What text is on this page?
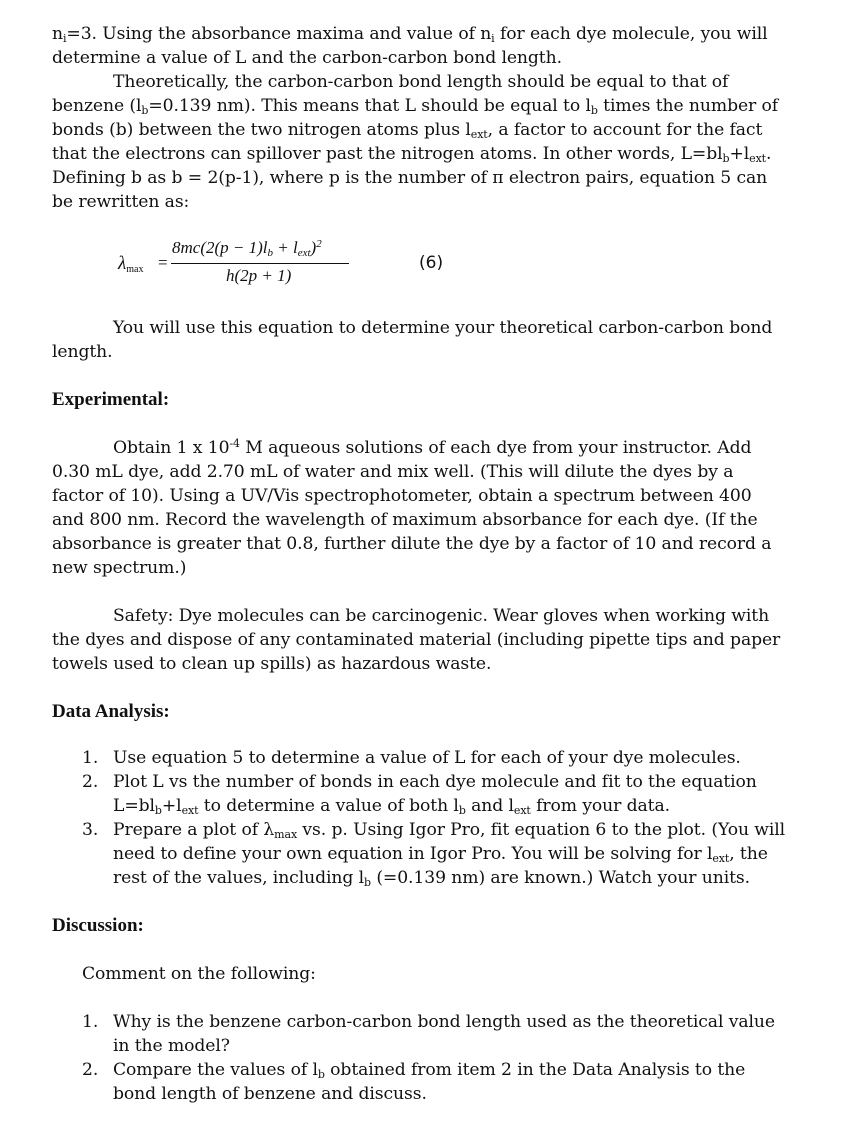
$n_i=3$. Using the absorbance maxima and value of $n_i$ for each dye molecule, you will
determine a value of L and the carbon-carbon bond length.
Theoretically, the carbon-carbon bond length should be equal to that of
benzene ($l_b=0.139$ nm). This means that L should be equal to $l_b$ times the number of
bonds (b) between the two nitrogen atoms plus $l_{ext}$, a factor to account for the fact
that the electrons can spillover past the nitrogen atoms. In other words, $L=bl_b+l_{ext}$.
Defining b as b = 2(p-1), where p is the number of π electron pairs, equation 5 can
be rewritten as:
$\lambda_{max}$ =
$8mc(2(p - 1)l_b + l_{ext})^2$
h(2p + 1)
(6)
You will use this equation to determine your theoretical carbon-carbon bond
length.
Experimental:
Obtain 1 x $10^{-4}$ M aqueous solutions of each dye from your instructor. Add
0.30 mL dye, add 2.70 mL of water and mix well. (This will dilute the dyes by a
factor of 10). Using a UV/Vis spectrophotometer, obtain a spectrum between 400
and 800 nm. Record the wavelength of maximum absorbance for each dye. (If the
absorbance is greater that 0.8, further dilute the dye by a factor of 10 and record a
new spectrum.)
Safety: Dye molecules can be carcinogenic. Wear gloves when working with
the dyes and dispose of any contaminated material (including pipette tips and paper
towels used to clean up spills) as hazardous waste.
Data Analysis:
1. Use equation 5 to determine a value of L for each of your dye molecules.
2. Plot L vs the number of bonds in each dye molecule and fit to the equation
$L=bl_b+l_{ext}$ to determine a value of both $l_b$ and $l_{ext}$ from your data.
3. Prepare a plot of $\lambda_{max}$ vs. p. Using Igor Pro, fit equation 6 to the plot. (You will
need to define your own equation in Igor Pro. You will be solving for $l_{ext}$, the
rest of the values, including $l_b$ (=0.139 nm) are known.) Watch your units.
Discussion:
Comment on the following:
1. Why is the benzene carbon-carbon bond length used as the theoretical value
in the model?
2. Compare the values of $l_b$ obtained from item 2 in the Data Analysis to the
bond length of benzene and discuss.
